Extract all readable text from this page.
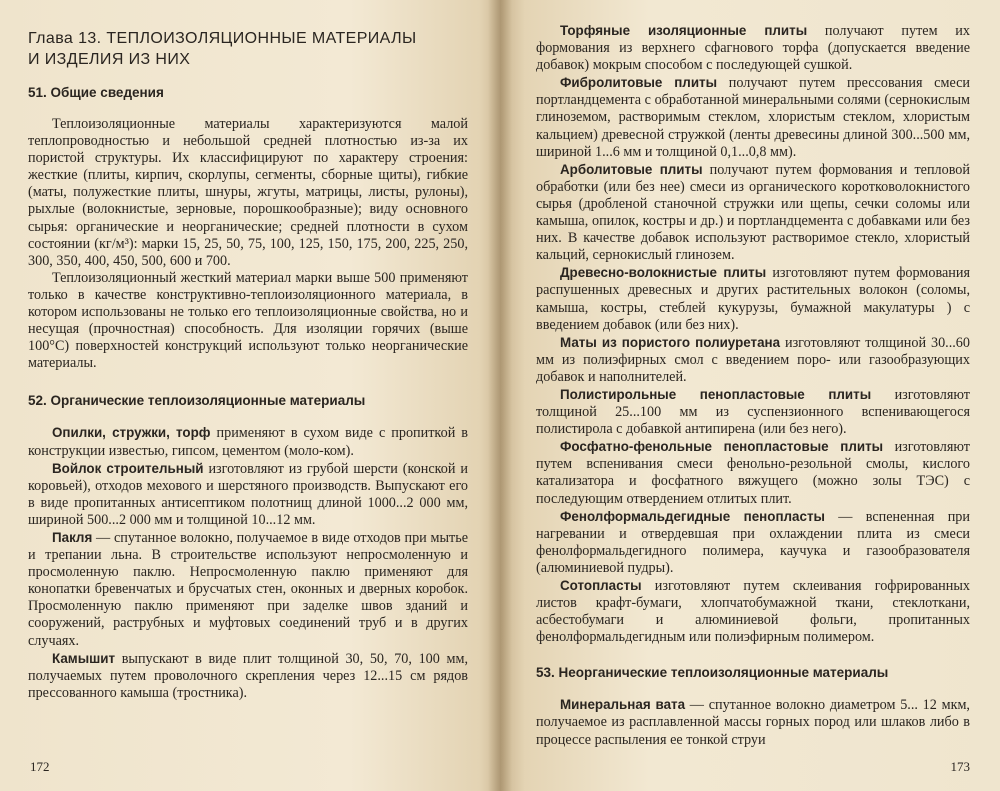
Глава 13. ТЕПЛОИЗОЛЯЦИОННЫЕ МАТЕРИАЛЫ
И ИЗДЕЛИЯ ИЗ НИХ
51. Общие сведения

Теплоизоляционные материалы характеризуются малой теплопроводностью и небольшой средней плотностью из-за их пористой структуры. Их классифицируют по характеру строения: жесткие (плиты, кирпич, скорлупы, сегменты, сборные щиты), гибкие (маты, полужесткие плиты, шнуры, жгуты, матрицы, листы, рулоны), рыхлые (волокнистые, зерновые, порошкообразные); виду основного сырья: органические и неорганические; средней плотности в сухом состоянии (кг/м³): марки 15, 25, 50, 75, 100, 125, 150, 175, 200, 225, 250, 300, 350, 400, 450, 500, 600 и 700.

Теплоизоляционный жесткий материал марки выше 500 применяют только в качестве конструктивно-теплоизоляционного материала, в котором использованы не только его теплоизоляционные свойства, но и несущая (прочностная) способность. Для изоляции горячих (выше 100°С) поверхностей конструкций используют только неорганические материалы.

52. Органические теплоизоляционные материалы

Опилки, стружки, торф применяют в сухом виде с пропиткой в конструкции известью, гипсом, цементом (моло-ком).

Войлок строительный изготовляют из грубой шерсти (конской и коровьей), отходов мехового и шерстяного производств. Выпускают его в виде пропитанных антисептиком полотнищ длиной 1000...2 000 мм, шириной 500...2 000 мм и толщиной 10...12 мм.

Пакля — спутанное волокно, получаемое в виде отходов при мытье и трепании льна. В строительстве используют непросмоленную и просмоленную паклю. Непросмоленную паклю применяют для конопатки бревенчатых и брусчатых стен, оконных и дверных коробок. Просмоленную паклю применяют при заделке швов зданий и сооружений, раструбных и муфтовых соединений труб и в других случаях.

Камышит выпускают в виде плит толщиной 30, 50, 70, 100 мм, получаемых путем проволочного скрепления через 12...15 см рядов прессованного камыша (тростника).

172

Торфяные изоляционные плиты получают путем их формования из верхнего сфагнового торфа (допускается введение добавок) мокрым способом с последующей сушкой.

Фибролитовые плиты получают путем прессования смеси портландцемента с обработанной минеральными солями (сернокислым глиноземом, растворимым стеклом, хлористым стеклом, хлористым кальцием) древесной стружкой (ленты древесины длиной 300...500 мм, шириной 1...6 мм и толщиной 0,1...0,8 мм).

Арболитовые плиты получают путем формования и тепловой обработки (или без нее) смеси из органического коротковолокнистого сырья (дробленой станочной стружки или щепы, сечки соломы или камыша, опилок, костры и др.) и портландцемента с добавками или без них. В качестве добавок используют растворимое стекло, хлористый кальций, сернокислый глинозем.

Древесно-волокнистые плиты изготовляют путем формования распушенных древесных и других растительных волокон (соломы, камыша, костры, стеблей кукурузы, бумажной макулатуры ) с введением добавок (или без них).

Маты из пористого полиуретана изготовляют толщиной 30...60 мм из полиэфирных смол с введением поро- или газообразующих добавок и наполнителей.

Полистирольные пенопластовые плиты изготовляют толщиной 25...100 мм из суспензионного вспенивающегося полистирола с добавкой антипирена (или без него).

Фосфатно-фенольные пенопластовые плиты изготовляют путем вспенивания смеси фенольно-резольной смолы, кислого катализатора и фосфатного вяжущего (можно золы ТЭС) с последующим отвердением отлитых плит.

Фенолформальдегидные пенопласты — вспененная при нагревании и отвердевшая при охлаждении плита из смеси фенолформальдегидного полимера, каучука и газообразователя (алюминиевой пудры).

Сотопласты изготовляют путем склеивания гофрированных листов крафт-бумаги, хлопчатобумажной ткани, стеклоткани, асбестобумаги и алюминиевой фольги, пропитанных фенолформальдегидным или полиэфирным полимером.

53. Неорганические теплоизоляционные материалы

Минеральная вата — спутанное волокно диаметром 5... 12 мкм, получаемое из расплавленной массы горных пород или шлаков либо в процессе распыления ее тонкой струи

173
